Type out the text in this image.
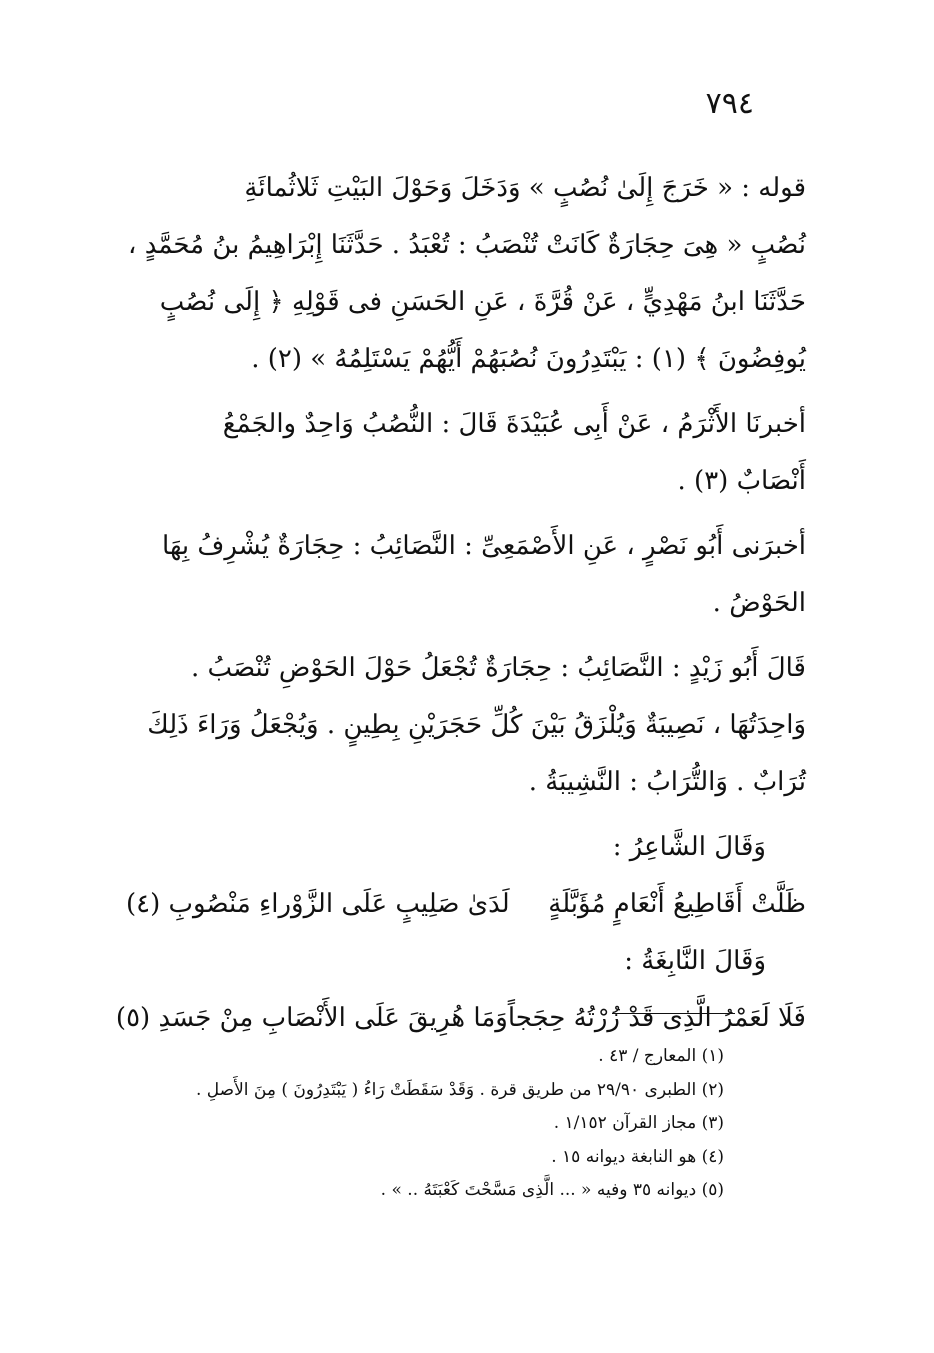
٧٩٤
قوله : « خَرَجَ إِلَىٰ نُصُبٍ » وَدَخَلَ وَحَوْلَ البَيْتِ ثَلاثُمائَةِ
نُصُبٍ « هِىَ حِجَارَةٌ كَانَتْ تُنْصَبُ : تُعْبَدُ . حَدَّثَنَا إِبْرَاهِيمُ بنُ مُحَمَّدٍ ،
حَدَّثَنَا ابنُ مَهْدِيٍّ ، عَنْ قُرَّةَ ، عَنِ الحَسَنِ فى قَوْلِهِ ﴿ إِلَى نُصُبٍ
يُوفِضُونَ ﴾ (١) : يَبْتَدِرُونَ نُصُبَهُمْ أَيُّهُمْ يَسْتَلِمُهُ » (٢) .
أخبرنَا الأَثْرَمُ ، عَنْ أَبِى عُبَيْدَةَ قَالَ : النُّصُبُ وَاحِدٌ والجَمْعُ
أَنْصَابٌ (٣) .
أخبرَنى أَبُو نَصْرٍ ، عَنِ الأَصْمَعِىِّ : النَّصَائِبُ : حِجَارَةٌ يُشْرِفُ بِهَا
الحَوْضُ .
قَالَ أَبُو زَيْدٍ : النَّصَائِبُ : حِجَارَةٌ تُجْعَلُ حَوْلَ الحَوْضِ تُنْصَبُ .
وَاحِدَتُهَا ، نَصِيبَةٌ وَيُلْزَقُ بَيْنَ كُلِّ حَجَرَيْنِ بِطِينٍ . وَيُجْعَلُ وَرَاءَ ذَلِكَ
تُرَابٌ . وَالتُّرَابُ : النَّشِيبَةُ .
وَقَالَ الشَّاعِرُ :
ظَلَّتْ أَقَاطِيعُ أَنْعَامٍ مُؤَبَّلَةٍ
لَدَىٰ صَلِيبٍ عَلَى الزَّوْراءِ مَنْصُوبِ (٤)
وَقَالَ النَّابِغَةُ :
فَلَا لَعَمْرُ الَّذِى قَدْ زُرْتُهُ حِجَجاً
وَمَا هُرِيقَ عَلَى الأَنْصَابِ مِنْ جَسَدِ (٥)

(١) المعارج / ٤٣ .

(٢) الطبرى ٢٩/٩٠ من طريق قرة . وَقَدْ سَقَطَتْ رَاءُ ( يَبْتَدِرُونَ ) مِنَ الأَصلِ .

(٣) مجاز القرآن ١/١٥٢ .

(٤) هو النابغة ديوانه ١٥ .

(٥) ديوانه ٣٥ وفيه « ... الَّذِى مَسَّحْتَ كَعْبَتَهُ .. » .
